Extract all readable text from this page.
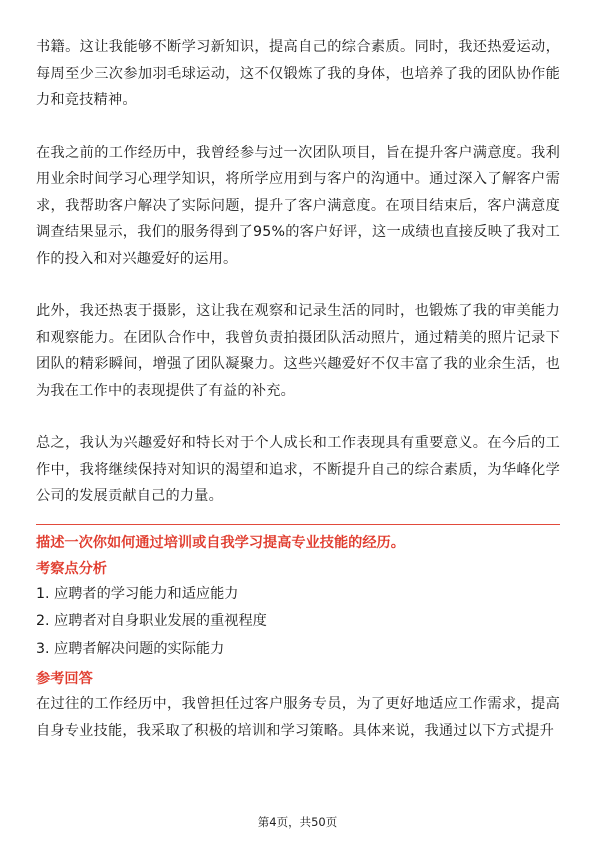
书籍。这让我能够不断学习新知识，提高自己的综合素质。同时，我还热爱运动，每周至少三次参加羽毛球运动，这不仅锻炼了我的身体，也培养了我的团队协作能力和竞技精神。

在我之前的工作经历中，我曾经参与过一次团队项目，旨在提升客户满意度。我利用业余时间学习心理学知识，将所学应用到与客户的沟通中。通过深入了解客户需求，我帮助客户解决了实际问题，提升了客户满意度。在项目结束后，客户满意度调查结果显示，我们的服务得到了95%的客户好评，这一成绩也直接反映了我对工作的投入和对兴趣爱好的运用。

此外，我还热衷于摄影，这让我在观察和记录生活的同时，也锻炼了我的审美能力和观察能力。在团队合作中，我曾负责拍摄团队活动照片，通过精美的照片记录下团队的精彩瞬间，增强了团队凝聚力。这些兴趣爱好不仅丰富了我的业余生活，也为我在工作中的表现提供了有益的补充。

总之，我认为兴趣爱好和特长对于个人成长和工作表现具有重要意义。在今后的工作中，我将继续保持对知识的渴望和追求，不断提升自己的综合素质，为华峰化学公司的发展贡献自己的力量。

描述一次你如何通过培训或自我学习提高专业技能的经历。
考察点分析
1. 应聘者的学习能力和适应能力
2. 应聘者对自身职业发展的重视程度
3. 应聘者解决问题的实际能力
参考回答

在过往的工作经历中，我曾担任过客户服务专员，为了更好地适应工作需求，提高自身专业技能，我采取了积极的培训和学习策略。具体来说，我通过以下方式提升

第4页，共50页
